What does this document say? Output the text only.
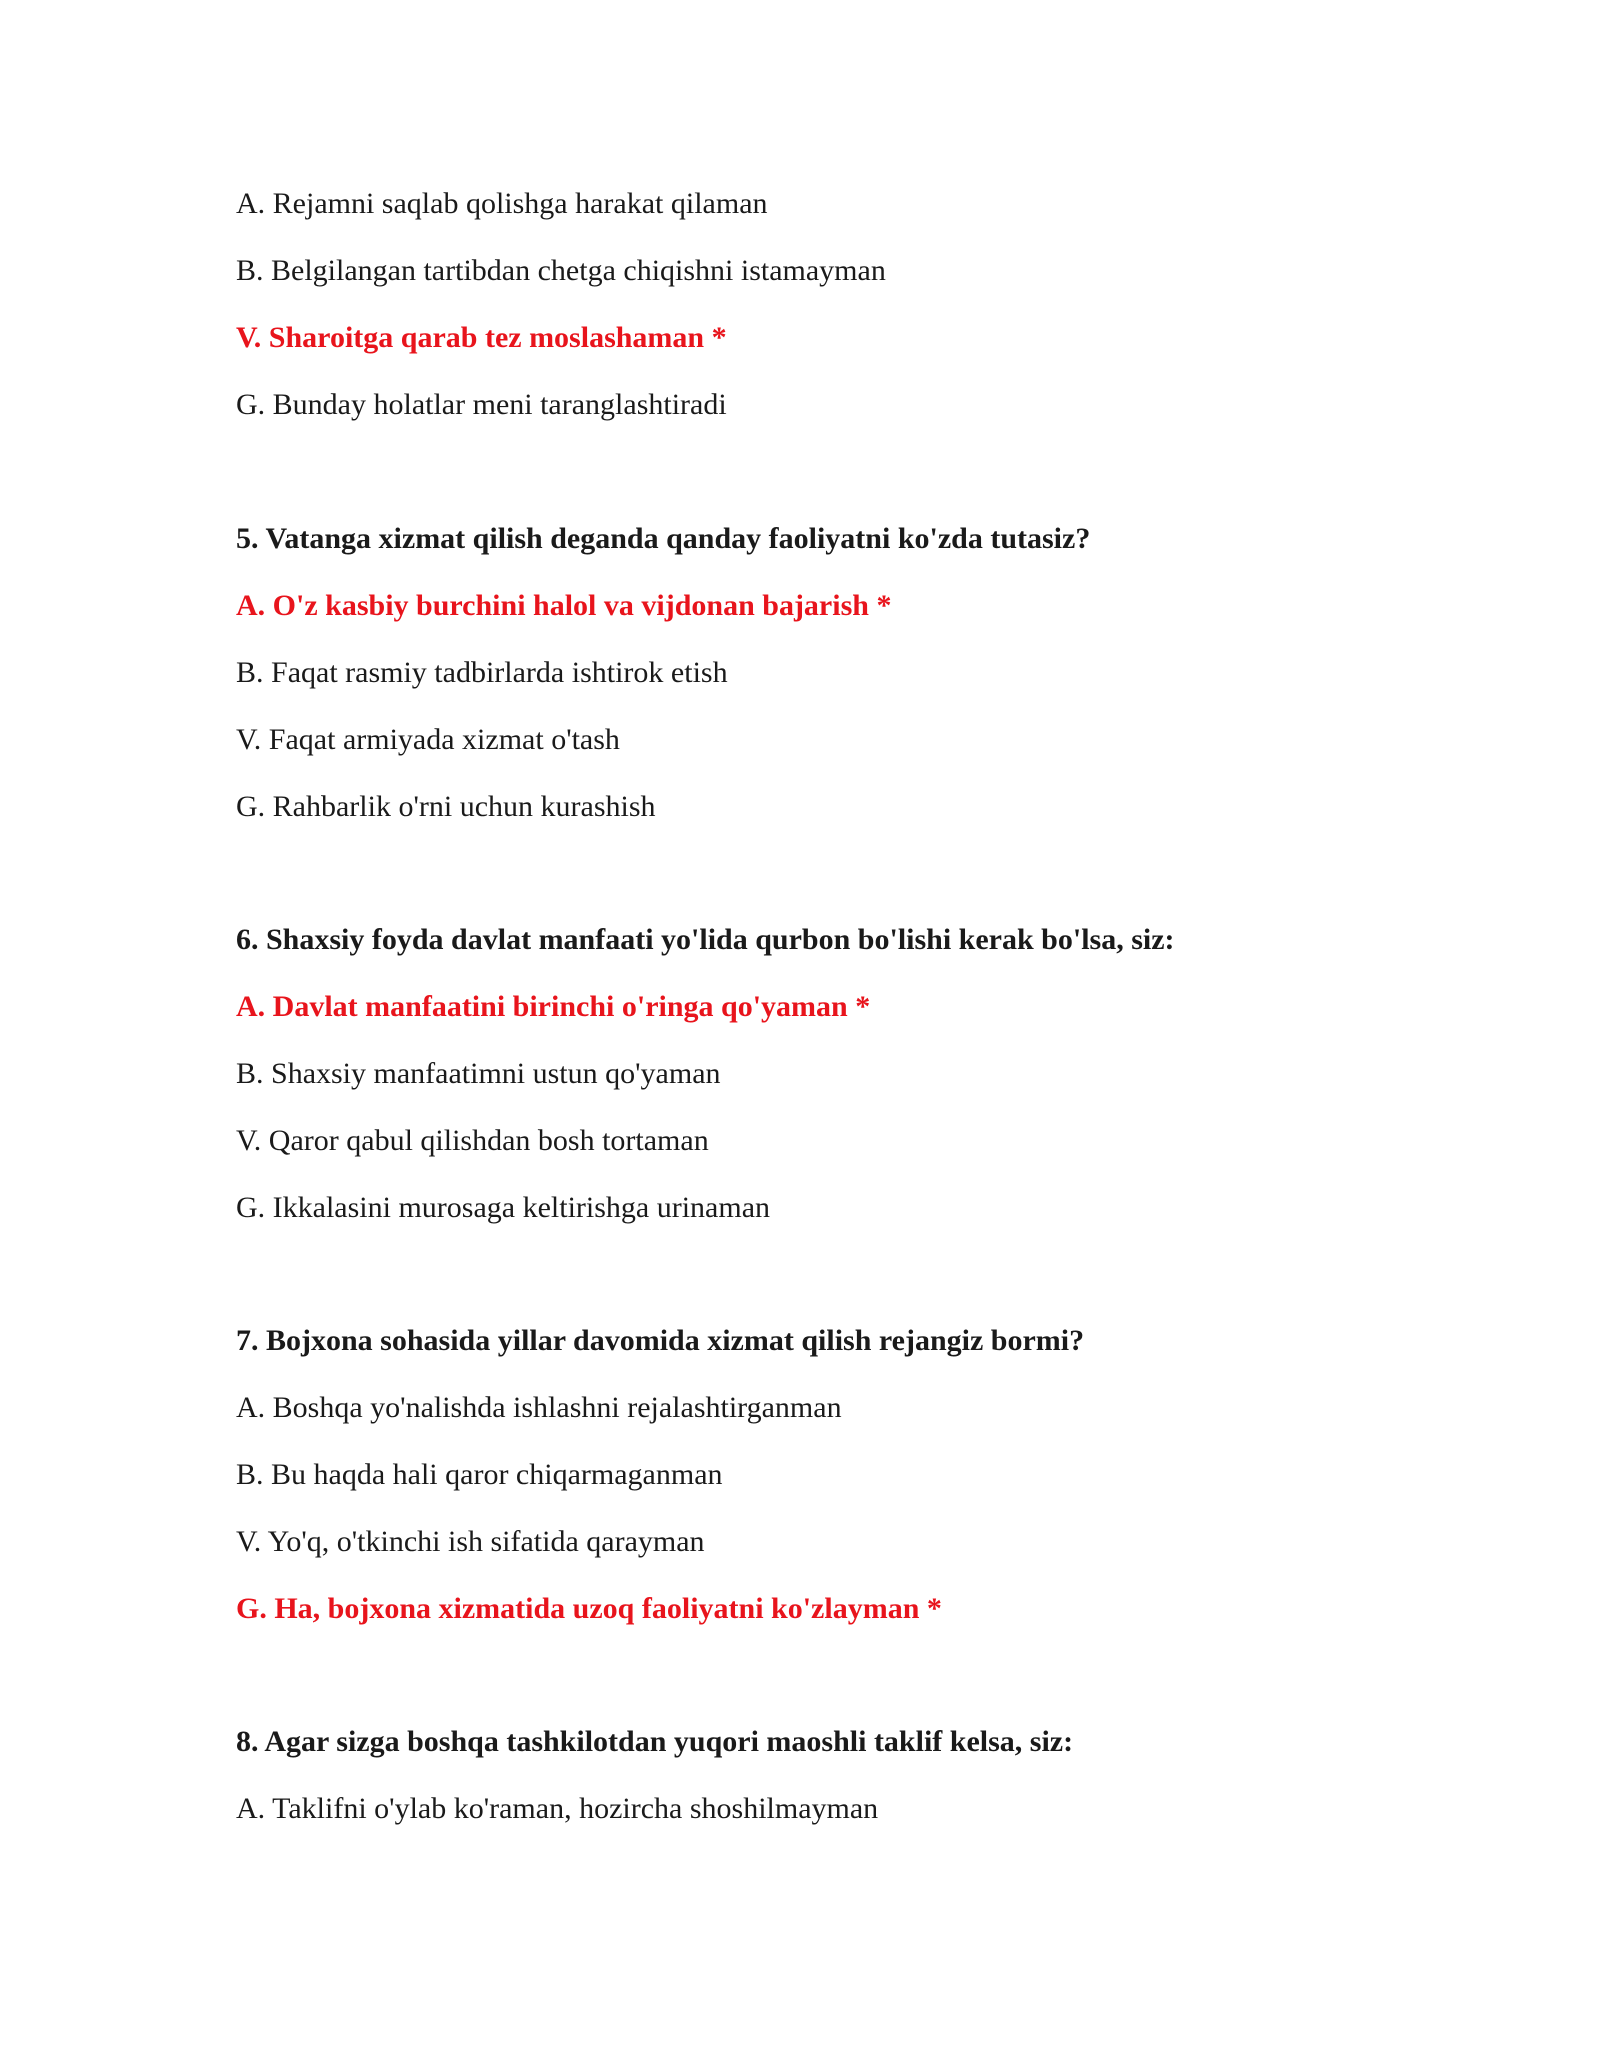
A. Rejamni saqlab qolishga harakat qilaman
B. Belgilangan tartibdan chetga chiqishni istamayman
V. Sharoitga qarab tez moslashaman *
G. Bunday holatlar meni taranglashtiradi
5. Vatanga xizmat qilish deganda qanday faoliyatni ko'zda tutasiz?
A. O'z kasbiy burchini halol va vijdonan bajarish *
B. Faqat rasmiy tadbirlarda ishtirok etish
V. Faqat armiyada xizmat o'tash
G. Rahbarlik o'rni uchun kurashish
6. Shaxsiy foyda davlat manfaati yo'lida qurbon bo'lishi kerak bo'lsa, siz:
A. Davlat manfaatini birinchi o'ringa qo'yaman *
B. Shaxsiy manfaatimni ustun qo'yaman
V. Qaror qabul qilishdan bosh tortaman
G. Ikkalasini murosaga keltirishga urinaman
7. Bojxona sohasida yillar davomida xizmat qilish rejangiz bormi?
A. Boshqa yo'nalishda ishlashni rejalashtirganman
B. Bu haqda hali qaror chiqarmaganman
V. Yo'q, o'tkinchi ish sifatida qarayman
G. Ha, bojxona xizmatida uzoq faoliyatni ko'zlayman *
8. Agar sizga boshqa tashkilotdan yuqori maoshli taklif kelsa, siz:
A. Taklifni o'ylab ko'raman, hozircha shoshilmayman
